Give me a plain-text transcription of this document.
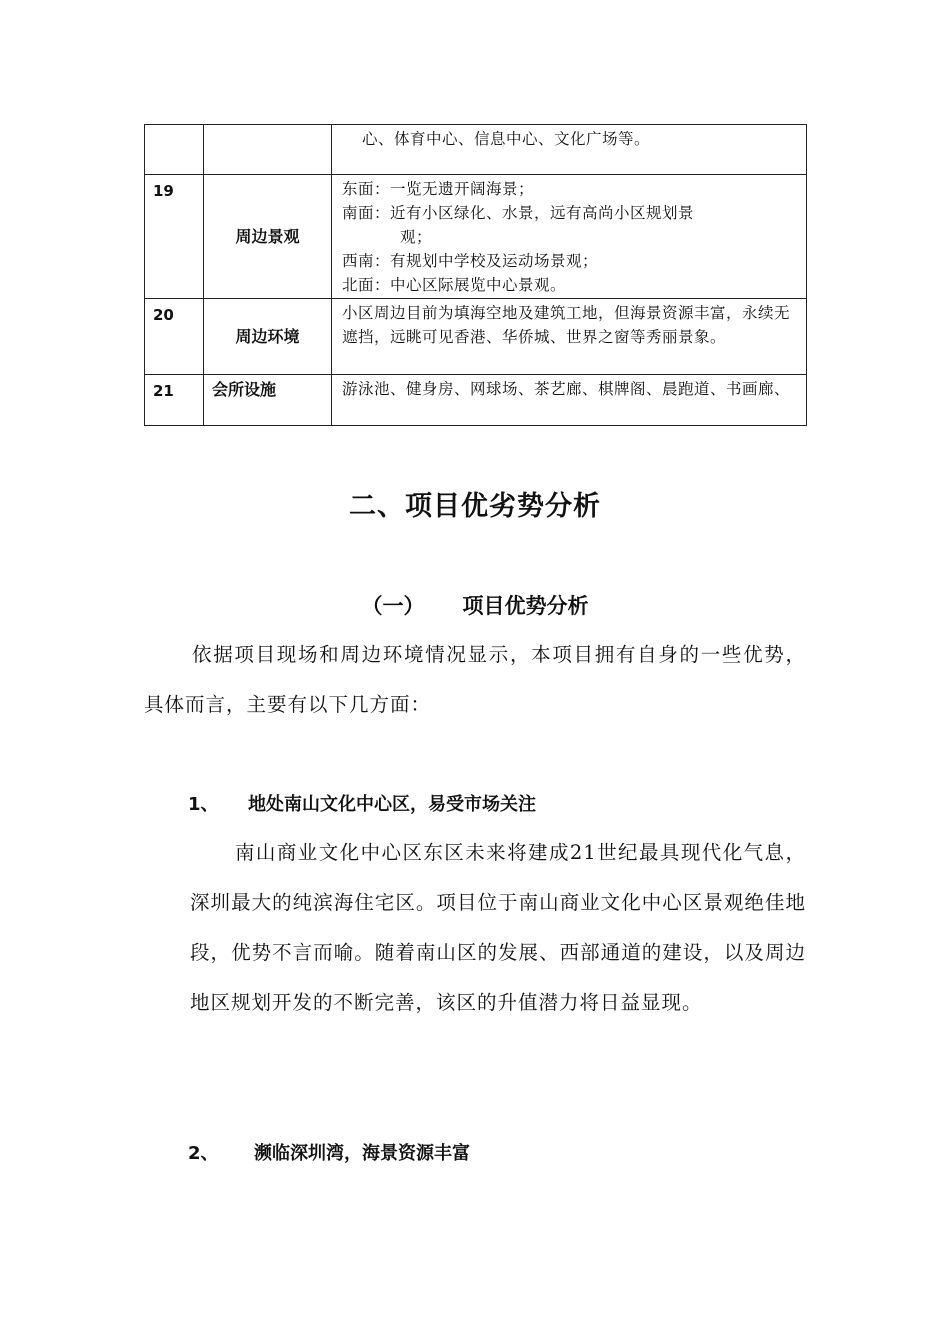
		心、体育中心、信息中心、文化广场等。

19	周边景观	东面：一览无遗开阔海景；
南面：近有小区绿化、水景，远有高尚小区规划景
观；
西南：有规划中学校及运动场景观；
北面：中心区际展览中心景观。

20	周边环境	小区周边目前为填海空地及建筑工地，但海景资源丰富，永续无遮挡，远眺可见香港、华侨城、世界之窗等秀丽景象。

21	会所设施	游泳池、健身房、网球场、茶艺廊、棋牌阁、晨跑道、书画廊、
二、项目优劣势分析
（一） 项目优势分析
依据项目现场和周边环境情况显示，本项目拥有自身的一些优势，具体而言，主要有以下几方面：
1、 地处南山文化中心区，易受市场关注
南山商业文化中心区东区未来将建成21世纪最具现代化气息，深圳最大的纯滨海住宅区。项目位于南山商业文化中心区景观绝佳地段，优势不言而喻。随着南山区的发展、西部通道的建设，以及周边地区规划开发的不断完善，该区的升值潜力将日益显现。
2、 濒临深圳湾，海景资源丰富
